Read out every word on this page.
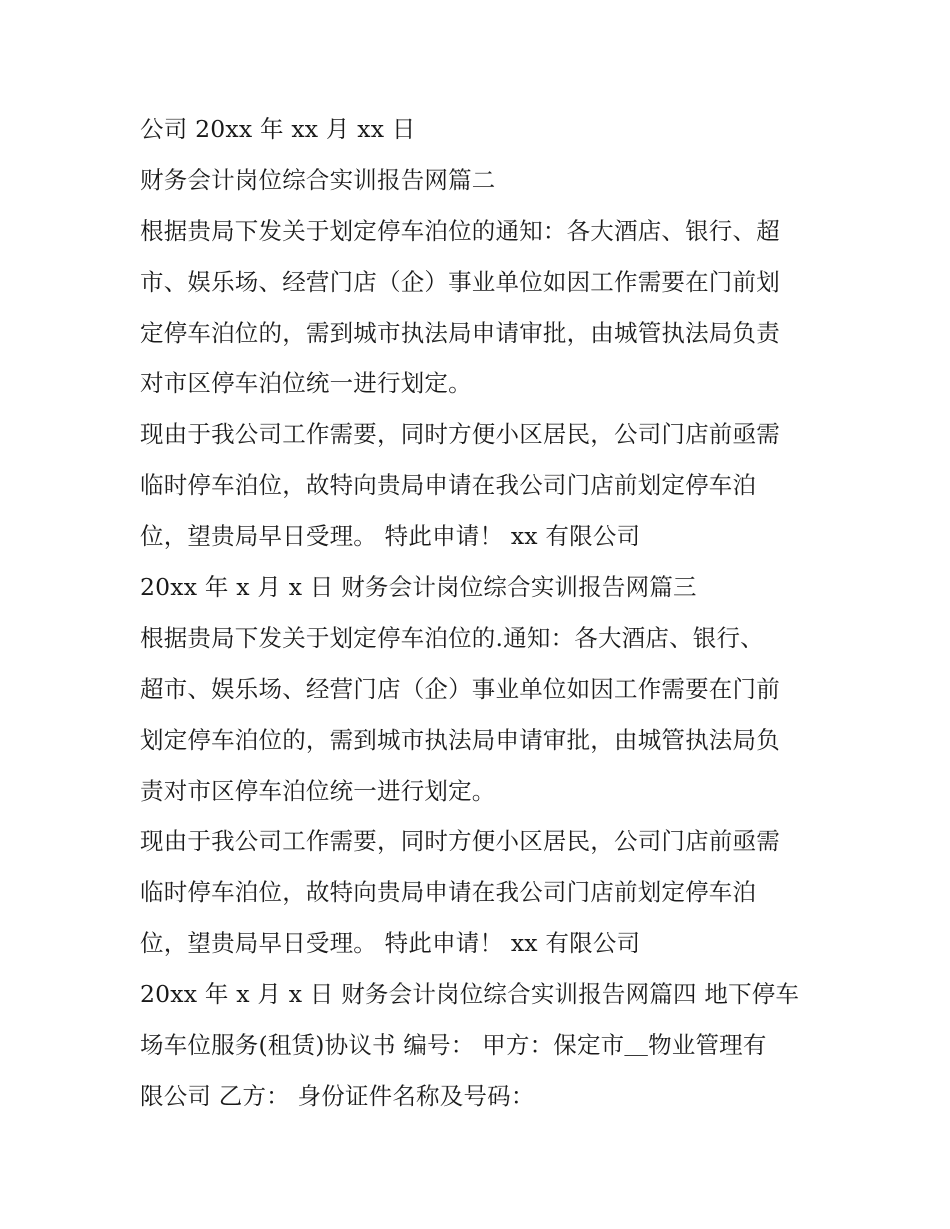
公司 20xx 年 xx 月 xx 日
财务会计岗位综合实训报告网篇二
根据贵局下发关于划定停车泊位的通知：各大酒店、银行、超
市、娱乐场、经营门店（企）事业单位如因工作需要在门前划
定停车泊位的，需到城市执法局申请审批，由城管执法局负责
对市区停车泊位统一进行划定。
现由于我公司工作需要，同时方便小区居民，公司门店前亟需
临时停车泊位，故特向贵局申请在我公司门店前划定停车泊
位，望贵局早日受理。 特此申请！ xx 有限公司
20xx 年 x 月 x 日 财务会计岗位综合实训报告网篇三
根据贵局下发关于划定停车泊位的.通知：各大酒店、银行、
超市、娱乐场、经营门店（企）事业单位如因工作需要在门前
划定停车泊位的，需到城市执法局申请审批，由城管执法局负
责对市区停车泊位统一进行划定。
现由于我公司工作需要，同时方便小区居民，公司门店前亟需
临时停车泊位，故特向贵局申请在我公司门店前划定停车泊
位，望贵局早日受理。 特此申请！ xx 有限公司
20xx 年 x 月 x 日 财务会计岗位综合实训报告网篇四 地下停车
场车位服务(租赁)协议书 编号： 甲方：保定市＿物业管理有
限公司 乙方： 身份证件名称及号码：
